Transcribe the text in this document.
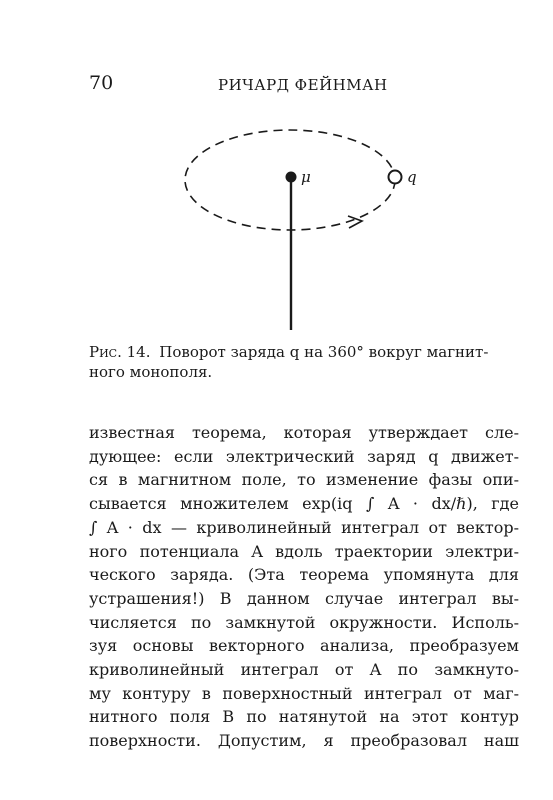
70	РИЧАРД ФЕЙНМАН
μ	q
Рис. 14. Поворот заряда q на 360° вокруг магнит-
ного монополя.
известная теорема, которая утверждает сле-
дующее: если электрический заряд q движет-
ся в магнитном поле, то изменение фазы опи-
сывается множителем exp(iq ∫ A · dx/ℏ), где
∫ A · dx — криволинейный интеграл от вектор-
ного потенциала A вдоль траектории электри-
ческого заряда. (Эта теорема упомянута для
устрашения!) В данном случае интеграл вы-
числяется по замкнутой окружности. Исполь-
зуя основы векторного анализа, преобразуем
криволинейный интеграл от A по замкнуто-
му контуру в поверхностный интеграл от маг-
нитного поля B по натянутой на этот контур
поверхности. Допустим, я преобразовал наш
